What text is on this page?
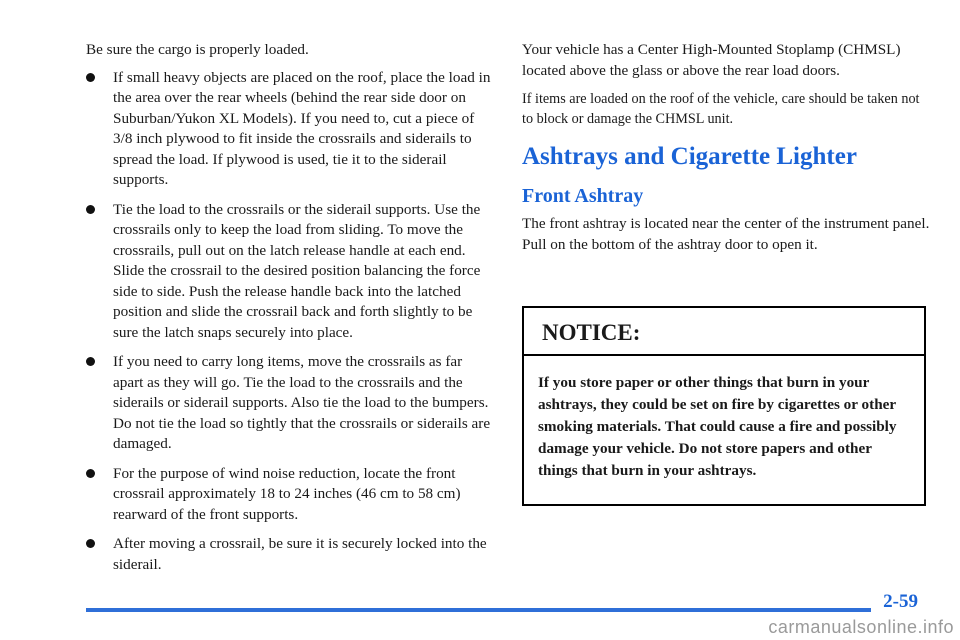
Be sure the cargo is properly loaded.

If small heavy objects are placed on the roof, place the load in the area over the rear wheels (behind the rear side door on Suburban/Yukon XL Models). If you need to, cut a piece of 3/8 inch plywood to fit inside the crossrails and siderails to spread the load. If plywood is used, tie it to the siderail supports.
Tie the load to the crossrails or the siderail supports. Use the crossrails only to keep the load from sliding. To move the crossrails, pull out on the latch release handle at each end. Slide the crossrail to the desired position balancing the force side to side. Push the release handle back into the latched position and slide the crossrail back and forth slightly to be sure the latch snaps securely into place.
If you need to carry long items, move the crossrails as far apart as they will go. Tie the load to the crossrails and the siderails or siderail supports. Also tie the load to the bumpers. Do not tie the load so tightly that the crossrails or siderails are damaged.
For the purpose of wind noise reduction, locate the front crossrail approximately 18 to 24 inches (46 cm to 58 cm) rearward of the front supports.
After moving a crossrail, be sure it is securely locked into the siderail.

Your vehicle has a Center High-Mounted Stoplamp (CHMSL) located above the glass or above the rear load doors.

If items are loaded on the roof of the vehicle, care should be taken not to block or damage the CHMSL unit.

Ashtrays and Cigarette Lighter
Front Ashtray

The front ashtray is located near the center of the instrument panel. Pull on the bottom of the ashtray door to open it.

NOTICE:
If you store paper or other things that burn in your ashtrays, they could be set on fire by cigarettes or other smoking materials. That could cause a fire and possibly damage your vehicle. Do not store papers and other things that burn in your ashtrays.
2-59
carmanualsonline.info
